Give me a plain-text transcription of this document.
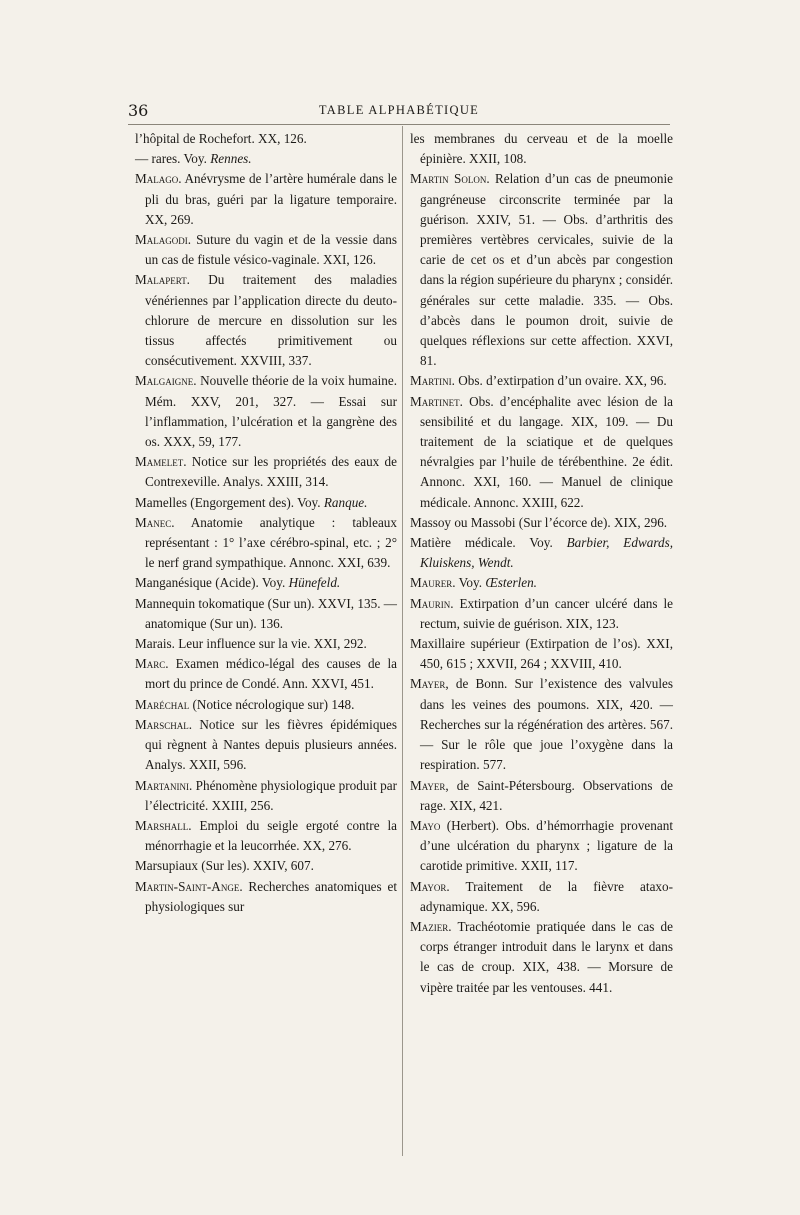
36	TABLE ALPHABÉTIQUE

l’hôpital de Rochefort. XX, 126.

— rares. Voy. Rennes.

Malago. Anévrysme de l’artère humérale dans le pli du bras, guéri par la ligature temporaire. XX, 269.

Malagodi. Suture du vagin et de la vessie dans un cas de fistule vésico-vaginale. XXI, 126.

Malapert. Du traitement des maladies vénériennes par l’application directe du deuto-chlorure de mercure en dissolution sur les tissus affectés primitivement ou consécutivement. XXVIII, 337.

Malgaigne. Nouvelle théorie de la voix humaine. Mém. XXV, 201, 327. — Essai sur l’inflammation, l’ulcération et la gangrène des os. XXX, 59, 177.

Mamelet. Notice sur les propriétés des eaux de Contrexeville. Analys. XXIII, 314.

Mamelles (Engorgement des). Voy. Ranque.

Manec. Anatomie analytique : tableaux représentant : 1° l’axe cérébro-spinal, etc. ; 2° le nerf grand sympathique. Annonc. XXI, 639.

Manganésique (Acide). Voy. Hünefeld.

Mannequin tokomatique (Sur un). XXVI, 135. — anatomique (Sur un). 136.

Marais. Leur influence sur la vie. XXI, 292.

Marc. Examen médico-légal des causes de la mort du prince de Condé. Ann. XXVI, 451.

Maréchal (Notice nécrologique sur) 148.

Marschal. Notice sur les fièvres épidémiques qui règnent à Nantes depuis plusieurs années. Analys. XXII, 596.

Martanini. Phénomène physiologique produit par l’électricité. XXIII, 256.

Marshall. Emploi du seigle ergoté contre la ménorrhagie et la leucorrhée. XX, 276.

Marsupiaux (Sur les). XXIV, 607.

Martin-Saint-Ange. Recherches anatomiques et physiologiques sur

les membranes du cerveau et de la moelle épinière. XXII, 108.

Martin Solon. Relation d’un cas de pneumonie gangréneuse circonscrite terminée par la guérison. XXIV, 51. — Obs. d’arthritis des premières vertèbres cervicales, suivie de la carie de cet os et d’un abcès par congestion dans la région supérieure du pharynx ; considér. générales sur cette maladie. 335. — Obs. d’abcès dans le poumon droit, suivie de quelques réflexions sur cette affection. XXVI, 81.

Martini. Obs. d’extirpation d’un ovaire. XX, 96.

Martinet. Obs. d’encéphalite avec lésion de la sensibilité et du langage. XIX, 109. — Du traitement de la sciatique et de quelques névralgies par l’huile de térébenthine. 2e édit. Annonc. XXI, 160. — Manuel de clinique médicale. Annonc. XXIII, 622.

Massoy ou Massobi (Sur l’écorce de). XIX, 296.

Matière médicale. Voy. Barbier, Edwards, Kluiskens, Wendt.

Maurer. Voy. Œsterlen.

Maurin. Extirpation d’un cancer ulcéré dans le rectum, suivie de guérison. XIX, 123.

Maxillaire supérieur (Extirpation de l’os). XXI, 450, 615 ; XXVII, 264 ; XXVIII, 410.

Mayer, de Bonn. Sur l’existence des valvules dans les veines des poumons. XIX, 420. — Recherches sur la régénération des artères. 567. — Sur le rôle que joue l’oxygène dans la respiration. 577.

Mayer, de Saint-Pétersbourg. Observations de rage. XIX, 421.

Mayo (Herbert). Obs. d’hémorrhagie provenant d’une ulcération du pharynx ; ligature de la carotide primitive. XXII, 117.

Mayor. Traitement de la fièvre ataxo-adynamique. XX, 596.

Mazier. Trachéotomie pratiquée dans le cas de corps étranger introduit dans le larynx et dans le cas de croup. XIX, 438. — Morsure de vipère traitée par les ventouses. 441.
